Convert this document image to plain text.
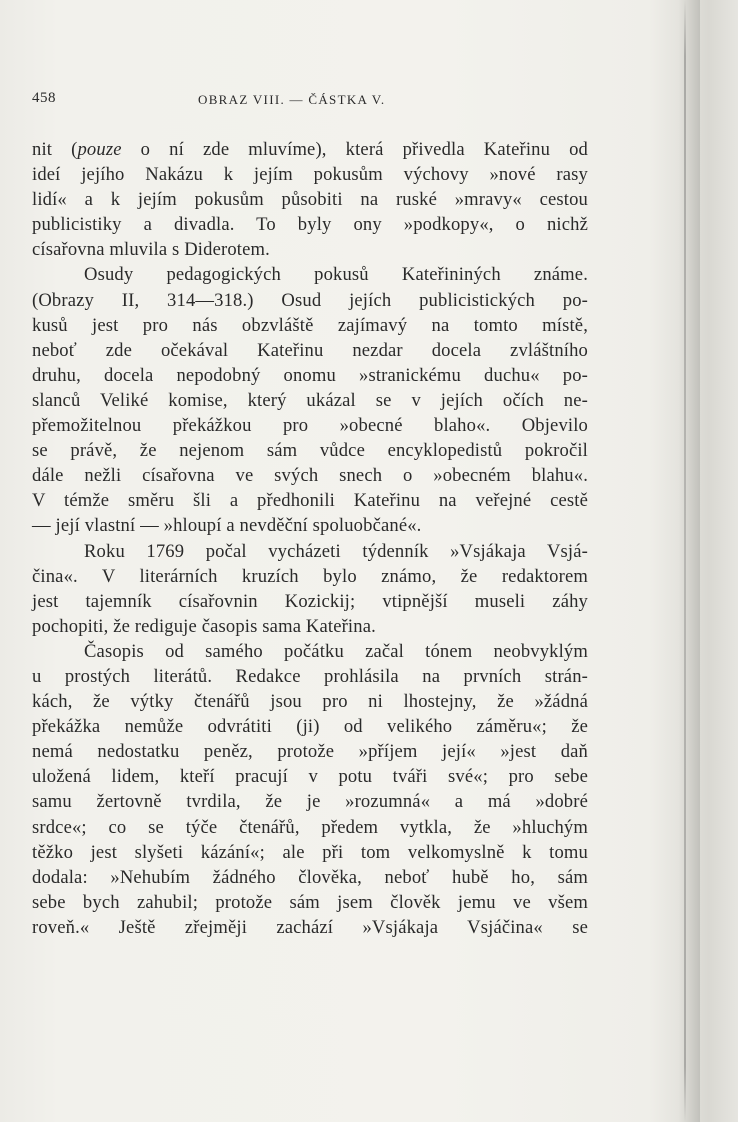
458	OBRAZ VIII. — ČÁSTKA V.
nit (pouze o ní zde mluvíme), která přivedla Kateřinu od
ideí jejího Nakázu k jejím pokusům výchovy »nové rasy
lidí« a k jejím pokusům působiti na ruské »mravy« cestou
publicistiky a divadla. To byly ony »podkopy«, o nichž
císařovna mluvila s Diderotem.
Osudy pedagogických pokusů Kateřininých známe.
(Obrazy II, 314—318.) Osud jejích publicistických po-
kusů jest pro nás obzvláště zajímavý na tomto místě,
neboť zde očekával Kateřinu nezdar docela zvláštního
druhu, docela nepodobný onomu »stranickému duchu« po-
slanců Veliké komise, který ukázal se v jejích očích ne-
přemožitelnou překážkou pro »obecné blaho«. Objevilo
se právě, že nejenom sám vůdce encyklopedistů pokročil
dále nežli císařovna ve svých snech o »obecném blahu«.
V témže směru šli a předhonili Kateřinu na veřejné cestě
— její vlastní — »hloupí a nevděční spoluobčané«.
Roku 1769 počal vycházeti týdenník »Vsjákaja Vsjá-
čina«. V literárních kruzích bylo známo, že redaktorem
jest tajemník císařovnin Kozickij; vtipnější museli záhy
pochopiti, že rediguje časopis sama Kateřina.
Časopis od samého počátku začal tónem neobvyklým
u prostých literátů. Redakce prohlásila na prvních strán-
kách, že výtky čtenářů jsou pro ni lhostejny, že »žádná
překážka nemůže odvrátiti (ji) od velikého záměru«; že
nemá nedostatku peněz, protože »příjem její« »jest daň
uložená lidem, kteří pracují v potu tváři své«; pro sebe
samu žertovně tvrdila, že je »rozumná« a má »dobré
srdce«; co se týče čtenářů, předem vytkla, že »hluchým
těžko jest slyšeti kázání«; ale při tom velkomyslně k tomu
dodala: »Nehubím žádného člověka, neboť hubě ho, sám
sebe bych zahubil; protože sám jsem člověk jemu ve všem
roveň.« Ještě zřejměji zachází »Vsjákaja Vsjáčina« se
